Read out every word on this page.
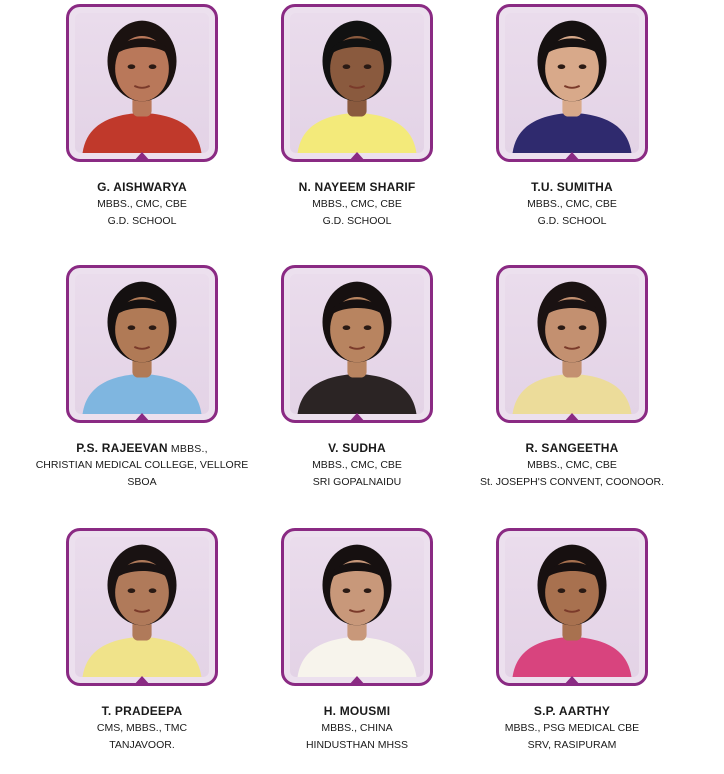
G. AISHWARYA
MBBS., CMC, CBE
G.D. SCHOOL
N. NAYEEM SHARIF
MBBS., CMC, CBE
G.D. SCHOOL
T.U. SUMITHA
MBBS., CMC, CBE
G.D. SCHOOL
P.S. RAJEEVAN MBBS.,
CHRISTIAN MEDICAL COLLEGE, VELLORE
SBOA
V. SUDHA
MBBS., CMC, CBE
SRI GOPALNAIDU
R. SANGEETHA
MBBS., CMC, CBE
St. JOSEPH'S CONVENT, COONOOR.
T. PRADEEPA
CMS, MBBS., TMC
TANJAVOOR.
H. MOUSMI
MBBS., CHINA
HINDUSTHAN MHSS
S.P. AARTHY
MBBS., PSG MEDICAL CBE
SRV, RASIPURAM
